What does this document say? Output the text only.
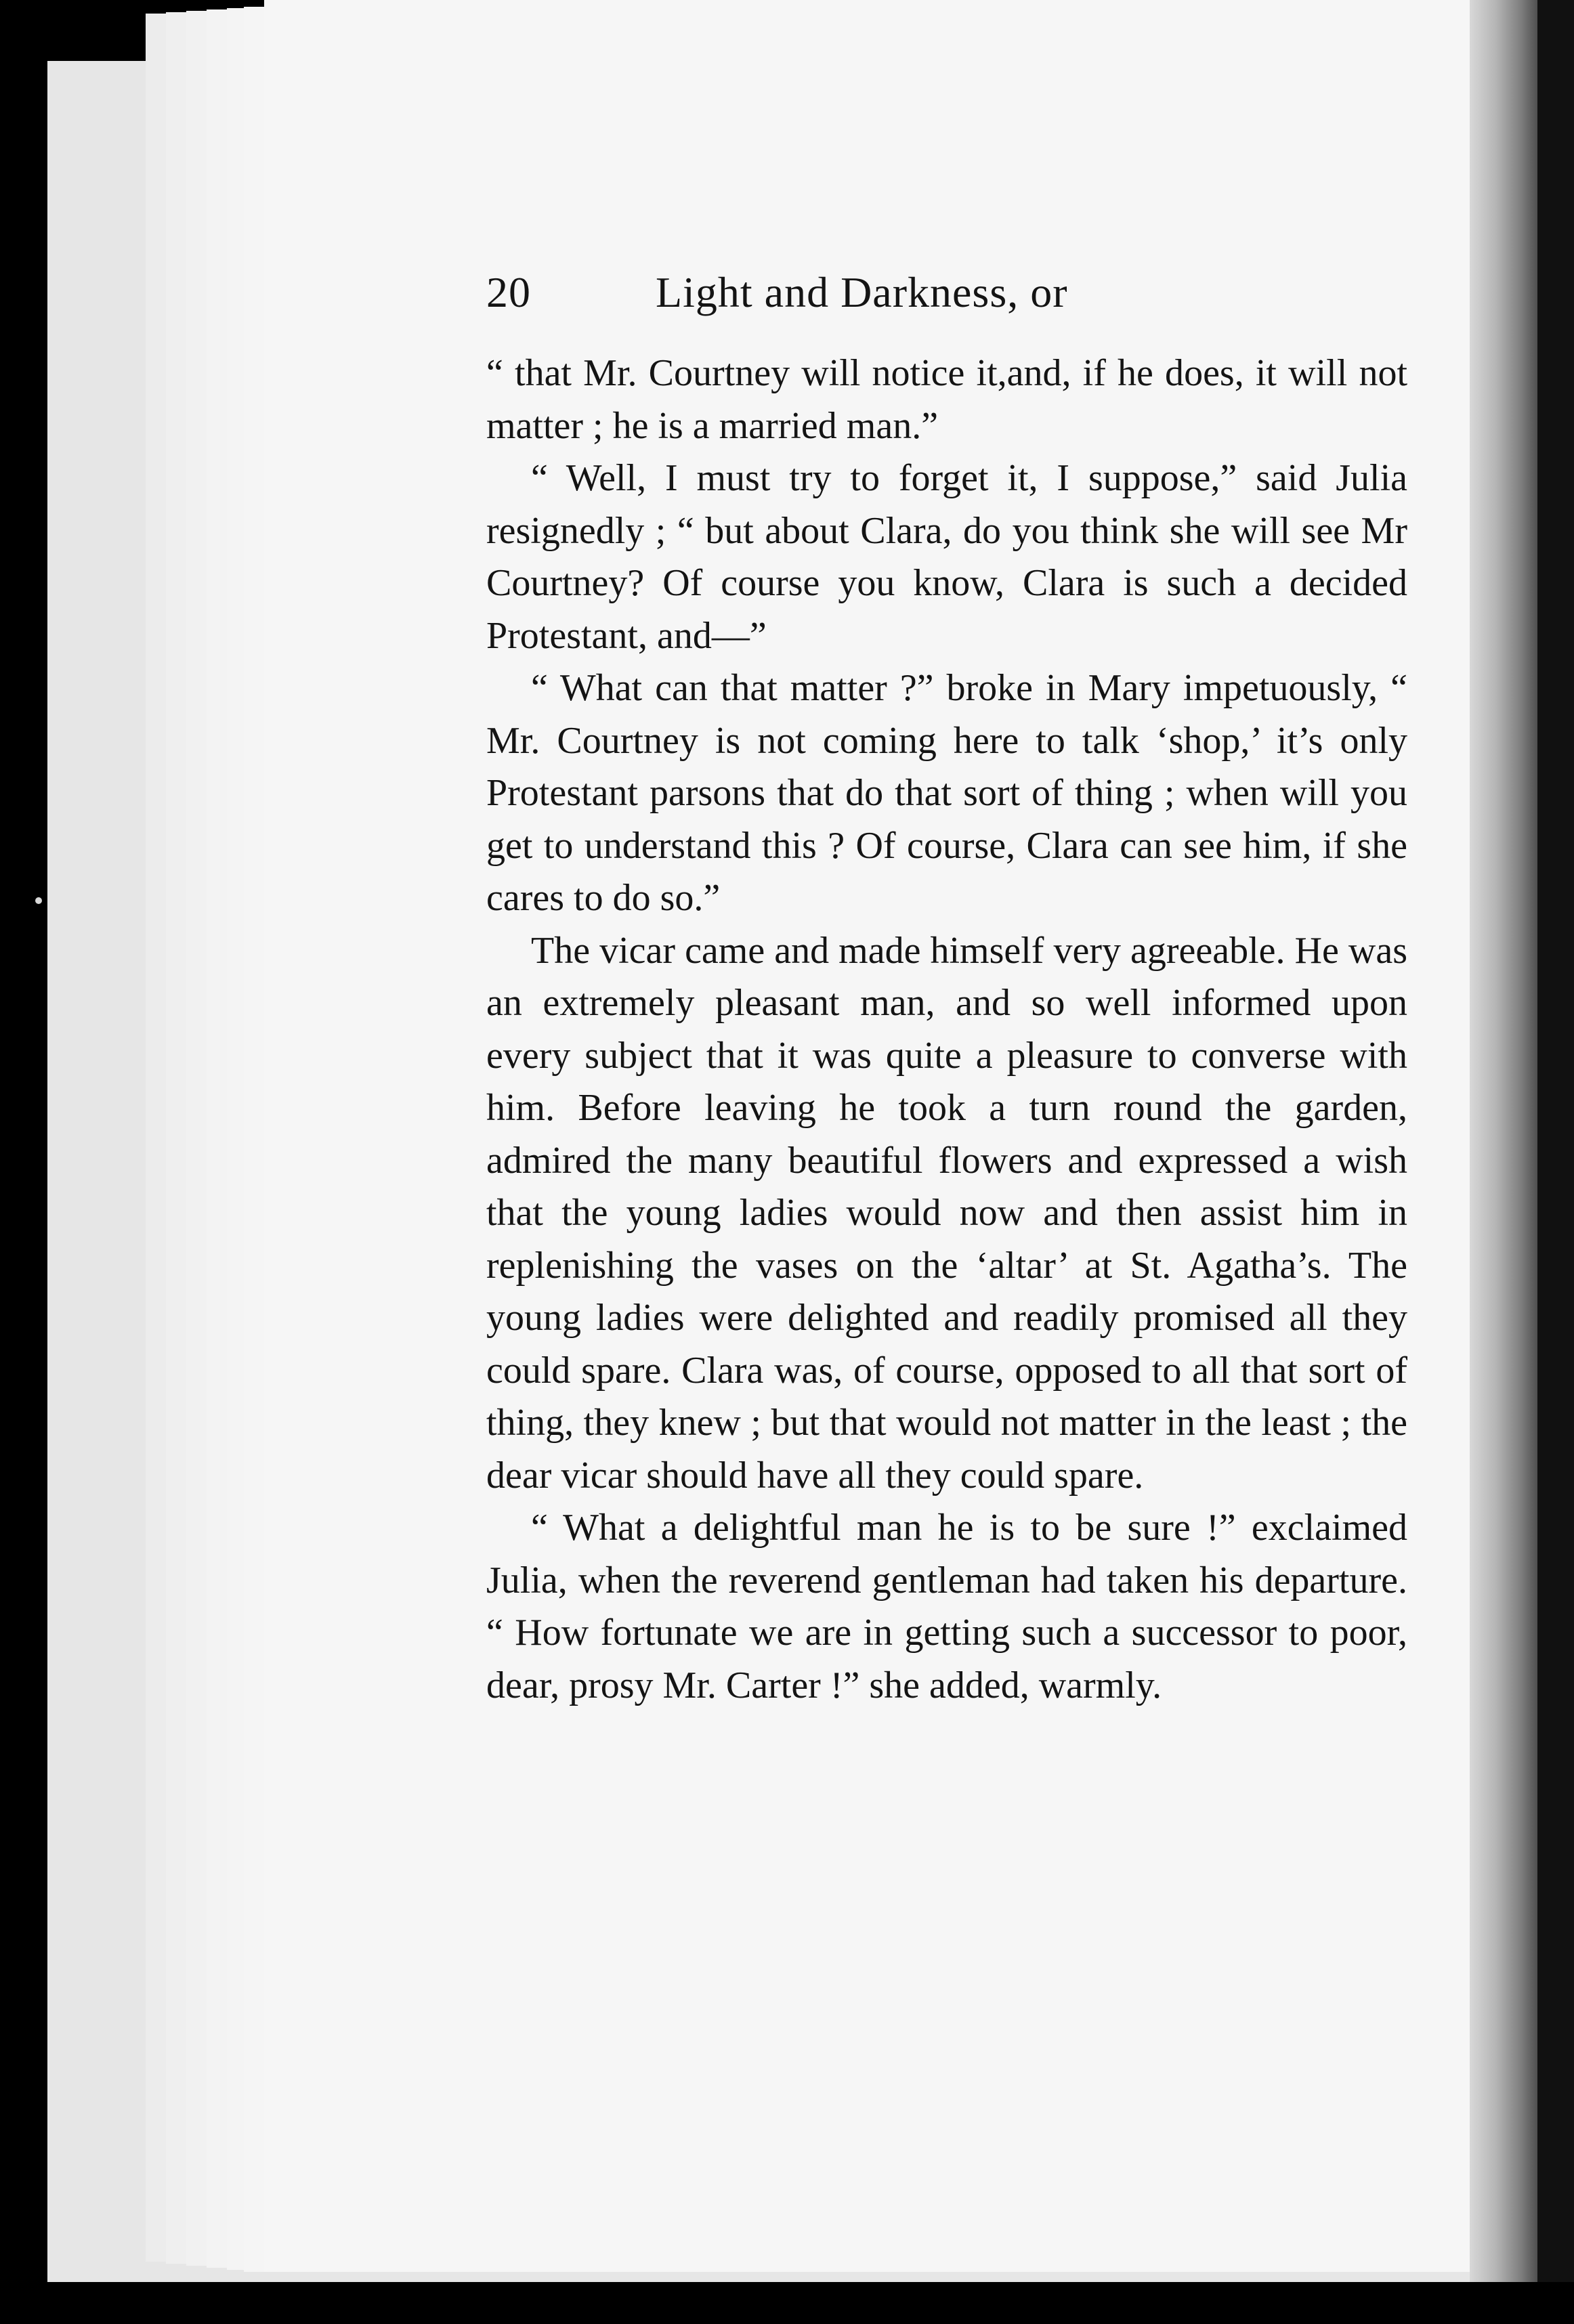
20	Light and Darkness, or

“ that Mr. Courtney will notice it,and, if he does, it will not matter ; he is a married man.”

“ Well, I must try to forget it, I suppose,” said Julia resignedly ; “ but about Clara, do you think she will see Mr Courtney? Of course you know, Clara is such a decided Protestant, and—”

“ What can that matter ?” broke in Mary impetuously, “ Mr. Courtney is not coming here to talk ‘shop,’ it’s only Protestant parsons that do that sort of thing ; when will you get to understand this ? Of course, Clara can see him, if she cares to do so.”

The vicar came and made himself very agreeable. He was an extremely pleasant man, and so well informed upon every subject that it was quite a pleasure to converse with him. Before leaving he took a turn round the garden, admired the many beautiful flowers and expressed a wish that the young ladies would now and then assist him in replenishing the vases on the ‘altar’ at St. Agatha’s. The young ladies were delighted and readily promised all they could spare. Clara was, of course, opposed to all that sort of thing, they knew ; but that would not matter in the least ; the dear vicar should have all they could spare.

“ What a delightful man he is to be sure !” exclaimed Julia, when the reverend gentleman had taken his departure. “ How fortunate we are in getting such a successor to poor, dear, prosy Mr. Carter !” she added, warmly.
